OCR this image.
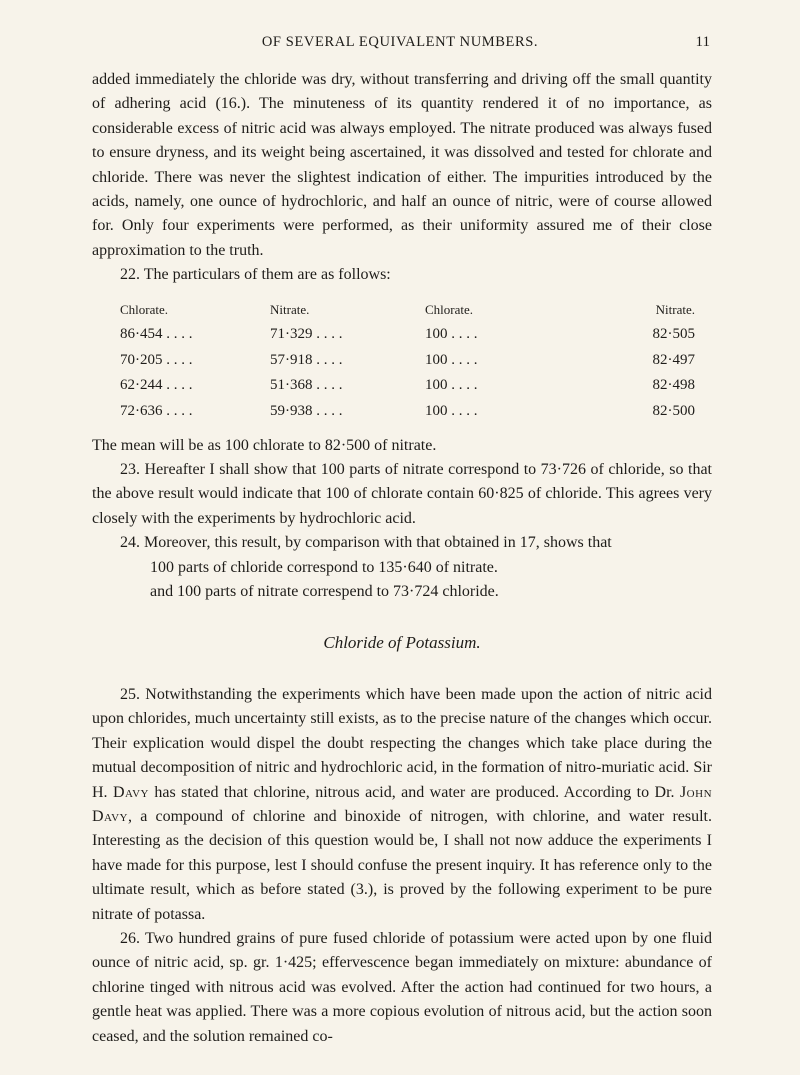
OF SEVERAL EQUIVALENT NUMBERS.	11

added immediately the chloride was dry, without transferring and driving off the small quantity of adhering acid (16.). The minuteness of its quantity rendered it of no importance, as considerable excess of nitric acid was always employed. The nitrate produced was always fused to ensure dryness, and its weight being ascertained, it was dissolved and tested for chlorate and chloride. There was never the slightest indication of either. The impurities introduced by the acids, namely, one ounce of hydrochloric, and half an ounce of nitric, were of course allowed for. Only four experiments were performed, as their uniformity assured me of their close approximation to the truth.

22. The particulars of them are as follows:

Chlorate.	Nitrate.	Chlorate.	Nitrate.
86·454 . . . .	71·329 . . . .	100 . . . .	82·505
70·205 . . . .	57·918 . . . .	100 . . . .	82·497
62·244 . . . .	51·368 . . . .	100 . . . .	82·498
72·636 . . . .	59·938 . . . .	100 . . . .	82·500

The mean will be as 100 chlorate to 82·500 of nitrate.

23. Hereafter I shall show that 100 parts of nitrate correspond to 73·726 of chloride, so that the above result would indicate that 100 of chlorate contain 60·825 of chloride. This agrees very closely with the experiments by hydrochloric acid.

24. Moreover, this result, by comparison with that obtained in 17, shows that

100 parts of chloride correspond to 135·640 of nitrate.

and 100 parts of nitrate correspend to 73·724 chloride.

Chloride of Potassium.

25. Notwithstanding the experiments which have been made upon the action of nitric acid upon chlorides, much uncertainty still exists, as to the precise nature of the changes which occur. Their explication would dispel the doubt respecting the changes which take place during the mutual decomposition of nitric and hydrochloric acid, in the formation of nitro-muriatic acid. Sir H. Davy has stated that chlorine, nitrous acid, and water are produced. According to Dr. John Davy, a compound of chlorine and binoxide of nitrogen, with chlorine, and water result. Interesting as the decision of this question would be, I shall not now adduce the experiments I have made for this purpose, lest I should confuse the present inquiry. It has reference only to the ultimate result, which as before stated (3.), is proved by the following experiment to be pure nitrate of potassa.

26. Two hundred grains of pure fused chloride of potassium were acted upon by one fluid ounce of nitric acid, sp. gr. 1·425; effervescence began immediately on mixture: abundance of chlorine tinged with nitrous acid was evolved. After the action had continued for two hours, a gentle heat was applied. There was a more copious evolution of nitrous acid, but the action soon ceased, and the solution remained co-
